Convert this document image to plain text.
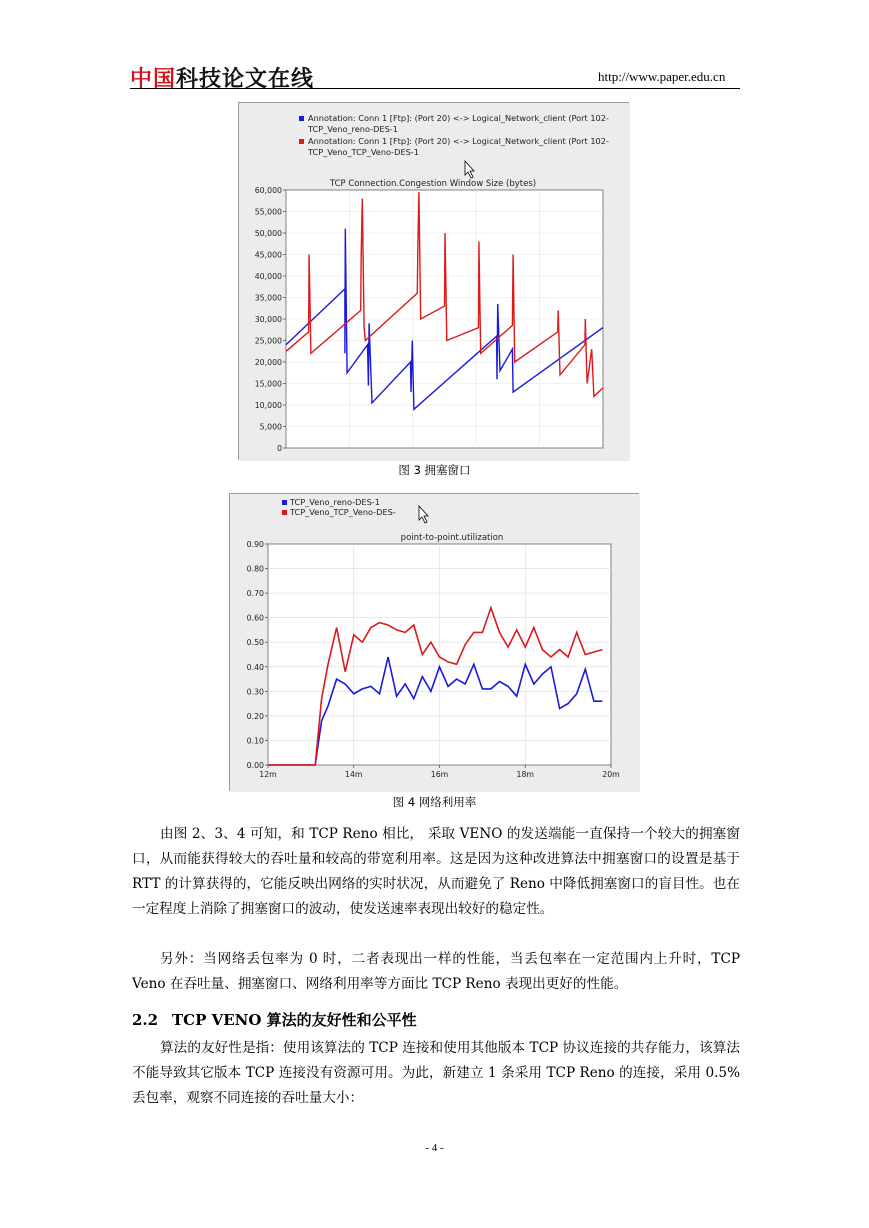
中国科技论文在线	http://www.paper.edu.cn
Annotation: Conn 1 [Ftp]: (Port 20) <-> Logical_Network_client (Port 102-
TCP_Veno_reno-DES-1
Annotation: Conn 1 [Ftp]: (Port 20) <-> Logical_Network_client (Port 102-
TCP_Veno_TCP_Veno-DES-1
TCP Connection.Congestion Window Size (bytes)
60,000
55,000
50,000
45,000
40,000
35,000
30,000
25,000
20,000
15,000
10,000
5,000
0
图 3 拥塞窗口
TCP_Veno_reno-DES-1
TCP_Veno_TCP_Veno-DES-
point-to-point.utilization
0.90
0.80
0.70
0.60
0.50
0.40
0.30
0.20
0.10
0.00
12m	14m	16m	18m	20m
图 4 网络利用率

由图 2、3、4 可知，和 TCP Reno 相比， 采取 VENO 的发送端能一直保持一个较大的拥塞窗口，从而能获得较大的吞吐量和较高的带宽利用率。这是因为这种改进算法中拥塞窗口的设置是基于 RTT 的计算获得的，它能反映出网络的实时状况，从而避免了 Reno 中降低拥塞窗口的盲目性。也在一定程度上消除了拥塞窗口的波动，使发送速率表现出较好的稳定性。

另外：当网络丢包率为 0 时，二者表现出一样的性能，当丢包率在一定范围内上升时，TCP Veno 在吞吐量、拥塞窗口、网络利用率等方面比 TCP Reno 表现出更好的性能。

2.2 TCP VENO 算法的友好性和公平性

算法的友好性是指：使用该算法的 TCP 连接和使用其他版本 TCP 协议连接的共存能力，该算法不能导致其它版本 TCP 连接没有资源可用。为此，新建立 1 条采用 TCP Reno 的连接，采用 0.5%丢包率，观察不同连接的吞吐量大小：

- 4 -
